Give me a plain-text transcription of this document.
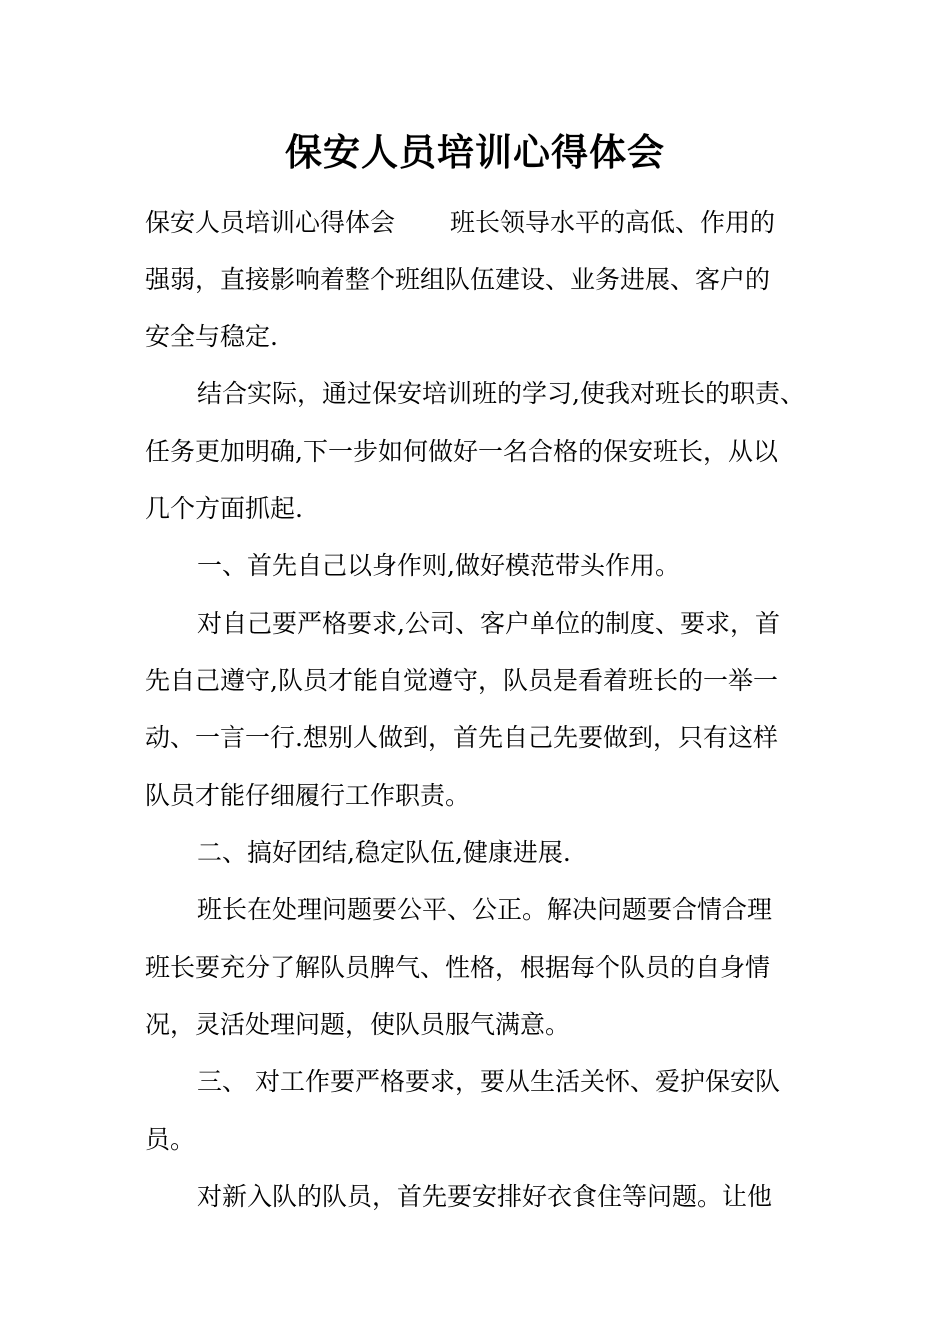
保安人员培训心得体会

保安人员培训心得体会 班长领导水平的高低、作用的

强弱，直接影响着整个班组队伍建设、业务进展、客户的

安全与稳定.

结合实际，通过保安培训班的学习,使我对班长的职责、

任务更加明确,下一步如何做好一名合格的保安班长，从以

几个方面抓起.

一、首先自己以身作则,做好模范带头作用。

对自己要严格要求,公司、客户单位的制度、要求，首

先自己遵守,队员才能自觉遵守，队员是看着班长的一举一

动、一言一行.想别人做到，首先自己先要做到，只有这样

队员才能仔细履行工作职责。

二、搞好团结,稳定队伍,健康进展.

班长在处理问题要公平、公正。解决问题要合情合理

班长要充分了解队员脾气、性格，根据每个队员的自身情

况，灵活处理问题，使队员服气满意。

三、 对工作要严格要求，要从生活关怀、爱护保安队

员。

对新入队的队员，首先要安排好衣食住等问题。让他
